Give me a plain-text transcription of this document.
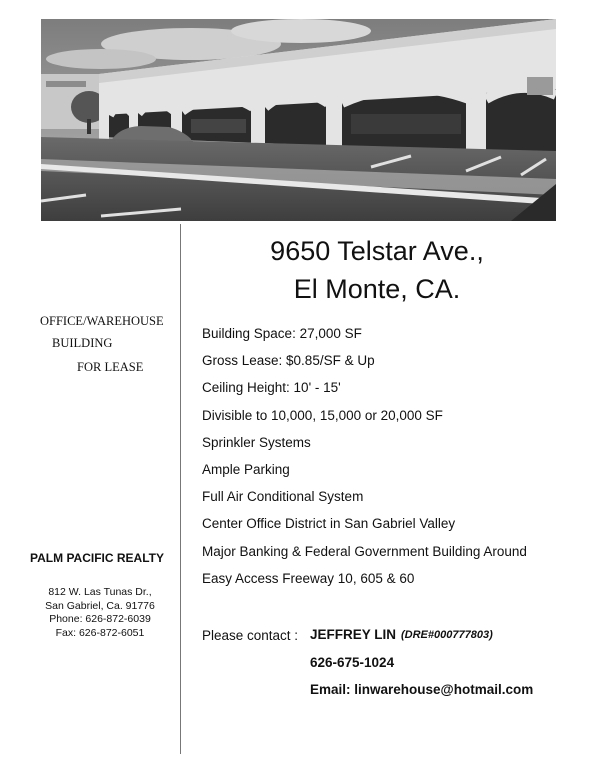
9650 Telstar Ave.,
El Monte, CA.
OFFICE/WAREHOUSE
BUILDING
FOR LEASE
Building Space: 27,000 SF
Gross Lease: $0.85/SF & Up
Ceiling Height: 10' - 15'
Divisible to 10,000, 15,000 or 20,000 SF
Sprinkler Systems
Ample Parking
Full Air Conditional System
Center Office District in San Gabriel Valley
Major Banking & Federal Government Building Around
Easy Access Freeway 10, 605 & 60
PALM PACIFIC REALTY
812 W. Las Tunas Dr.,
San Gabriel, Ca. 91776
Phone: 626-872-6039
Fax: 626-872-6051	Please contact : JEFFREY LIN (DRE#000777803)
626-675-1024
Email: linwarehouse@hotmail.com
